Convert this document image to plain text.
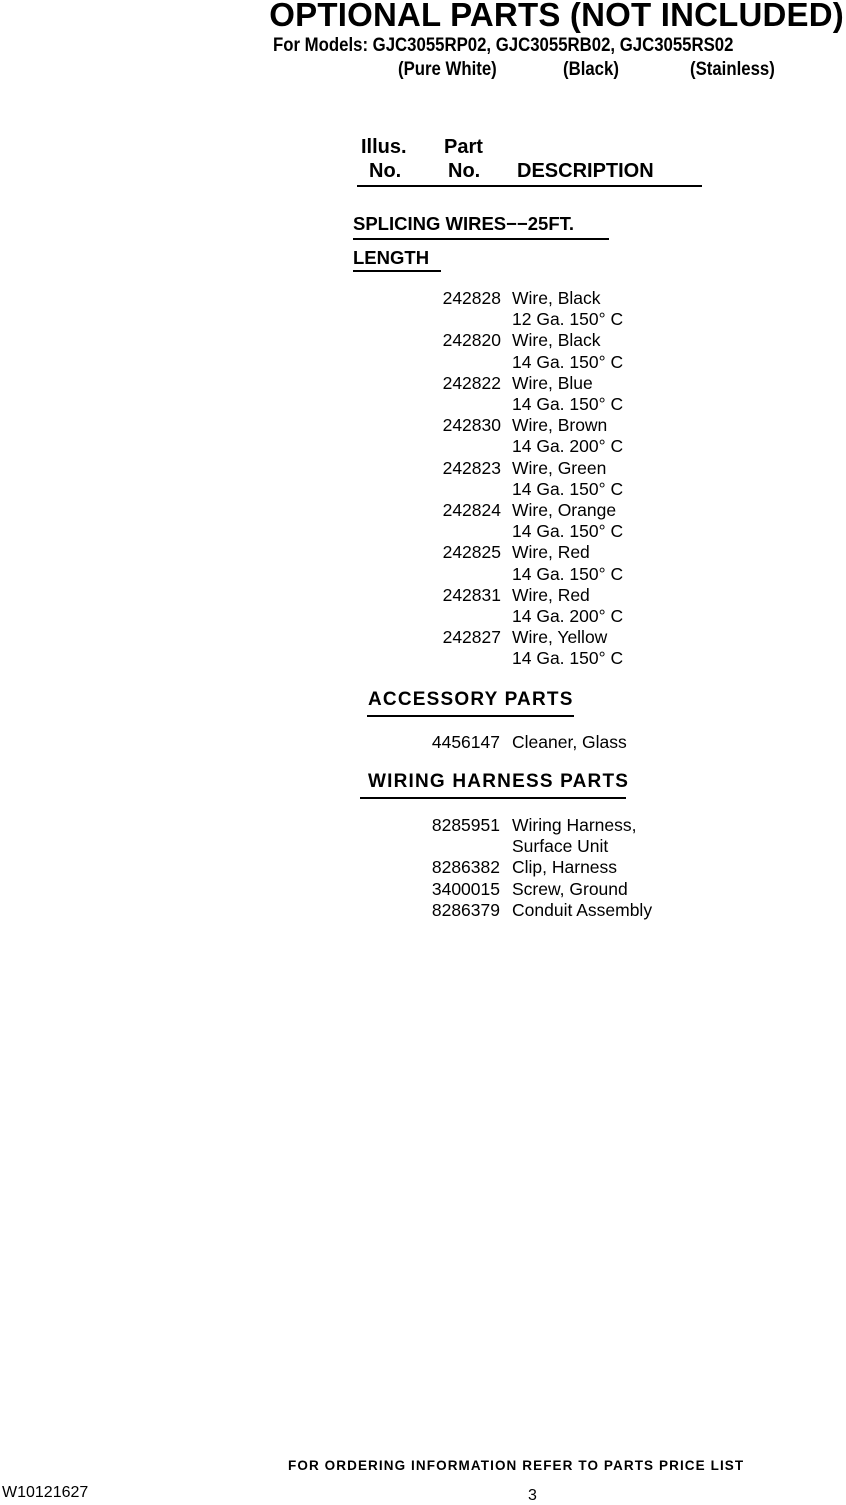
OPTIONAL PARTS (NOT INCLUDED)
For Models: GJC3055RP02, GJC3055RB02, GJC3055RS02
(Pure White)	(Black)	(Stainless)
Illus.
No.
Part
No. DESCRIPTION
SPLICING WIRES−−25FT.
LENGTH
242828 Wire, Black
12 Ga. 150° C
242820 Wire, Black
14 Ga. 150° C
242822 Wire, Blue
14 Ga. 150° C
242830 Wire, Brown
14 Ga. 200° C
242823 Wire, Green
14 Ga. 150° C
242824 Wire, Orange
14 Ga. 150° C
242825 Wire, Red
14 Ga. 150° C
242831 Wire, Red
14 Ga. 200° C
242827 Wire, Yellow
14 Ga. 150° C
ACCESSORY PARTS
4456147 Cleaner, Glass
WIRING HARNESS PARTS
8285951 Wiring Harness,
Surface Unit
8286382 Clip, Harness
3400015 Screw, Ground
8286379 Conduit Assembly
FOR ORDERING INFORMATION REFER TO PARTS PRICE LIST
W10121627	3
